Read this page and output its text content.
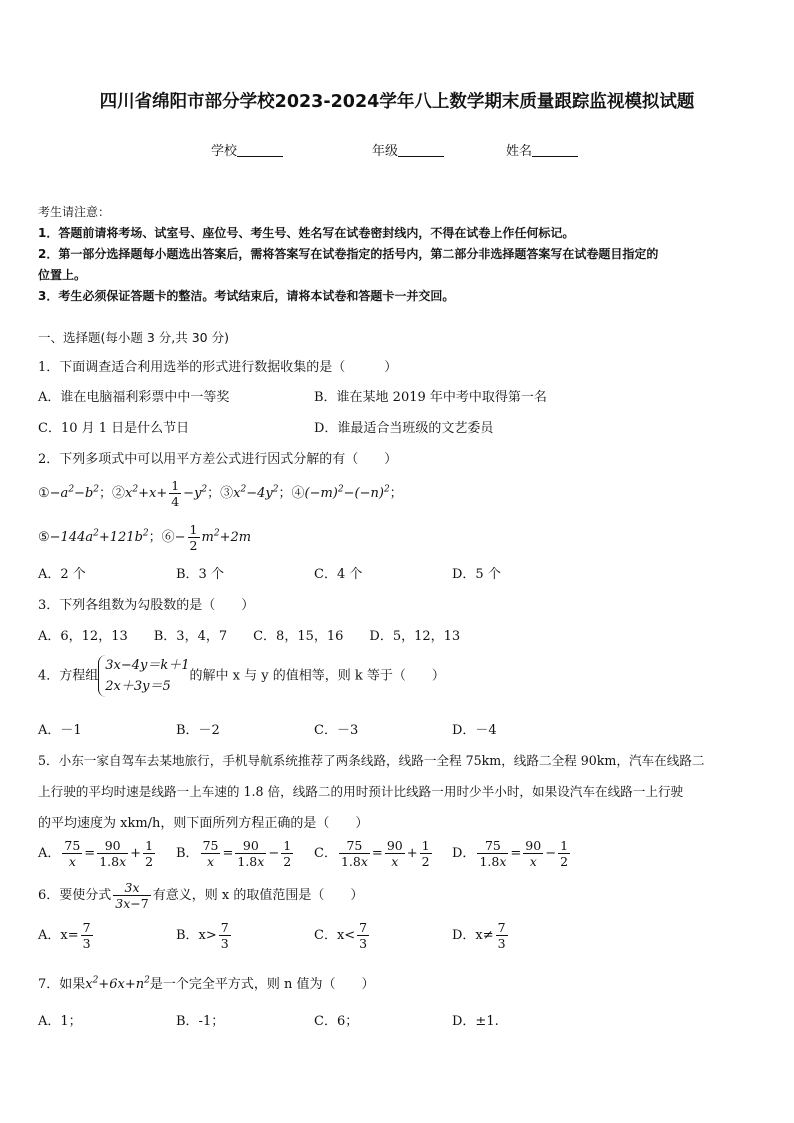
四川省绵阳市部分学校2023-2024学年八上数学期末质量跟踪监视模拟试题
学校	年级	姓名
考生请注意：
1．答题前请将考场、试室号、座位号、考生号、姓名写在试卷密封线内，不得在试卷上作任何标记。
2．第一部分选择题每小题选出答案后，需将答案写在试卷指定的括号内，第二部分非选择题答案写在试卷题目指定的
位置上。
3．考生必须保证答题卡的整洁。考试结束后，请将本试卷和答题卡一并交回。
一、选择题(每小题 3 分,共 30 分)
1．下面调查适合利用选举的形式进行数据收集的是（　　　）
A．谁在电脑福利彩票中中一等奖	B．谁在某地 2019 年中考中取得第一名
C．10 月 1 日是什么节日	D．谁最适合当班级的文艺委员
2．下列多项式中可以用平方差公式进行因式分解的有（　　）
$①-a^2-b^2$；$②x^2+x+ \frac{1}{4} -y^2$；$③x^2-4y^2$；$④(-m)^2-(-n)^2$；
$⑤-144a^2+121b^2$；⑥− $\frac{1}{2} m^2+2m$
A．2 个	B．3 个	C．4 个	D．5 个
3．下列各组数为勾股数的是（　　）
A．6，12，13　　B．3，4，7　　C．8，15，16　　D．5，12，13
4．方程组
3x−4y＝k＋1
2x＋3y＝5
的解中 x 与 y 的值相等，则 k 等于（　　）
A．－1	B．－2	C．－3	D．－4
5．小东一家自驾车去某地旅行，手机导航系统推荐了两条线路，线路一全程 75km，线路二全程 90km，汽车在线路二
上行驶的平均时速是线路一上车速的 1.8 倍，线路二的用时预计比线路一用时少半小时，如果设汽车在线路一上行驶
的平均速度为 xkm/h，则下面所列方程正确的是（　　）
A． $\frac{75}{x} = \frac{90}{1.8x} + \frac{1}{2}$ B． $\frac{75}{x} = \frac{90}{1.8x} - \frac{1}{2}$ C． $\frac{75}{1.8x} = \frac{90}{x} + \frac{1}{2}$ D． $\frac{75}{1.8x} = \frac{90}{x} - \frac{1}{2}$
6．要使分式 $\frac{3x}{3x-7}$ 有意义，则 x 的取值范围是（　　）
A．$x= \frac{7}{3}$	B．$x> \frac{7}{3}$	C．$x< \frac{7}{3}$	D．$x\ne \frac{7}{3}$
7．如果$x^2+6x+n^2$是一个完全平方式，则 n 值为（　　）
A．1；	B．-1；	C．6；	D．±1.
